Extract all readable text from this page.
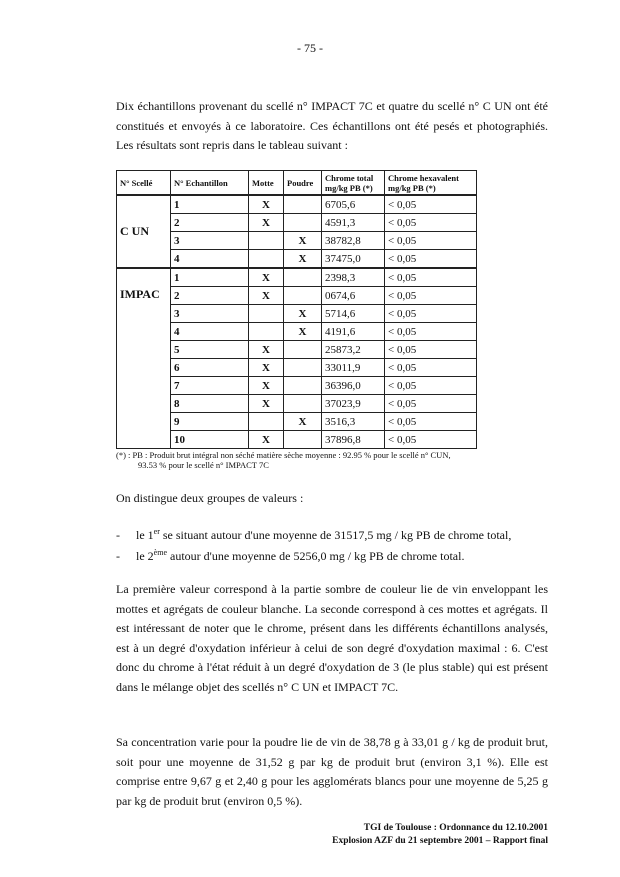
- 75 -
Dix échantillons provenant du scellé n° IMPACT 7C et quatre du scellé n° C UN ont été constitués et envoyés à ce laboratoire. Ces échantillons ont été pesés et photographiés. Les résultats sont repris dans le tableau suivant :
N° Scellé	N° Echantillon	Motte	Poudre	Chrome total mg/kg PB (*)	Chrome hexavalent mg/kg PB (*)
C UN	1	X		6705,6	< 0,05
	2	X		4591,3	< 0,05
	3		X	38782,8	< 0,05
	4		X	37475,0	< 0,05

IMPAC	1	X		2398,3	< 0,05
	2	X		0674,6	< 0,05
	3		X	5714,6	< 0,05
	4		X	4191,6	< 0,05
	5	X		25873,2	< 0,05
	6	X		33011,9	< 0,05
	7	X		36396,0	< 0,05
	8	X		37023,9	< 0,05
	9		X	3516,3	< 0,05
	10	X		37896,8	< 0,05
(*) : PB : Produit brut intégral non séché matière sèche moyenne : 92.95 % pour le scellé n° CUN,
93.53 % pour le scellé n° IMPACT 7C
On distingue deux groupes de valeurs :
- le 1er se situant autour d'une moyenne de 31517,5 mg / kg PB de chrome total,
- le 2ème autour d'une moyenne de 5256,0 mg / kg PB de chrome total.
La première valeur correspond à la partie sombre de couleur lie de vin enveloppant les mottes et agrégats de couleur blanche. La seconde correspond à ces mottes et agrégats. Il est intéressant de noter que le chrome, présent dans les différents échantillons analysés, est à un degré d'oxydation inférieur à celui de son degré d'oxydation maximal : 6. C'est donc du chrome à l'état réduit à un degré d'oxydation de 3 (le plus stable) qui est présent dans le mélange objet des scellés n° C UN et IMPACT 7C.
Sa concentration varie pour la poudre lie de vin de 38,78 g à 33,01 g / kg de produit brut, soit pour une moyenne de 31,52 g par kg de produit brut (environ 3,1 %). Elle est comprise entre 9,67 g et 2,40 g pour les agglomérats blancs pour une moyenne de 5,25 g par kg de produit brut (environ 0,5 %).
TGI de Toulouse : Ordonnance du 12.10.2001
Explosion AZF du 21 septembre 2001 – Rapport final
